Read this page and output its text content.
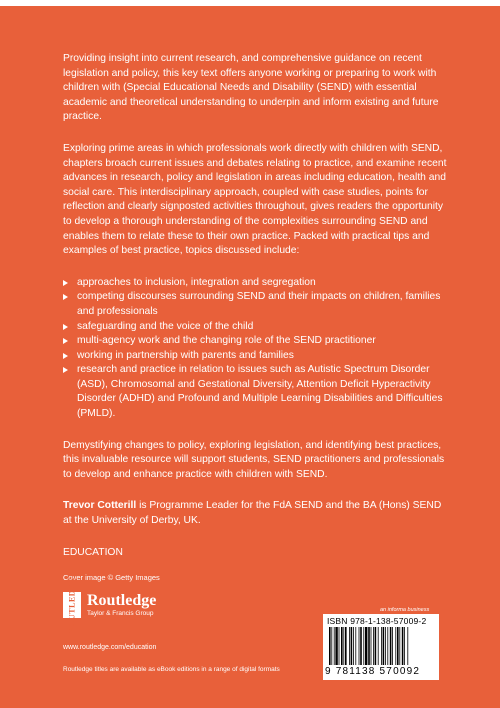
Providing insight into current research, and comprehensive guidance on recent legislation and policy, this key text offers anyone working or preparing to work with children with (Special Educational Needs and Disability (SEND) with essential academic and theoretical understanding to underpin and inform existing and future practice.

Exploring prime areas in which professionals work directly with children with SEND, chapters broach current issues and debates relating to practice, and examine recent advances in research, policy and legislation in areas including education, health and social care. This interdisciplinary approach, coupled with case studies, points for reflection and clearly signposted activities throughout, gives readers the opportunity to develop a thorough understanding of the complexities surrounding SEND and enables them to relate these to their own practice. Packed with practical tips and examples of best practice, topics discussed include:

approaches to inclusion, integration and segregation
competing discourses surrounding SEND and their impacts on children, families and professionals
safeguarding and the voice of the child
multi-agency work and the changing role of the SEND practitioner
working in partnership with parents and families
research and practice in relation to issues such as Autistic Spectrum Disorder (ASD), Chromosomal and Gestational Diversity, Attention Deficit Hyperactivity Disorder (ADHD) and Profound and Multiple Learning Disabilities and Difficulties (PMLD).

Demystifying changes to policy, exploring legislation, and identifying best practices, this invaluable resource will support students, SEND practitioners and professionals to develop and enhance practice with children with SEND.

Trevor Cotterill is Programme Leader for the FdA SEND and the BA (Hons) SEND at the University of Derby, UK.

EDUCATION

Cover image © Getty Images
ROUTLEDGE Routledge
Taylor & Francis Group
www.routledge.com/education
Routledge titles are available as eBook editions in a range of digital formats
an informa business
ISBN 978-1-138-57009-2
9 781138 570092
